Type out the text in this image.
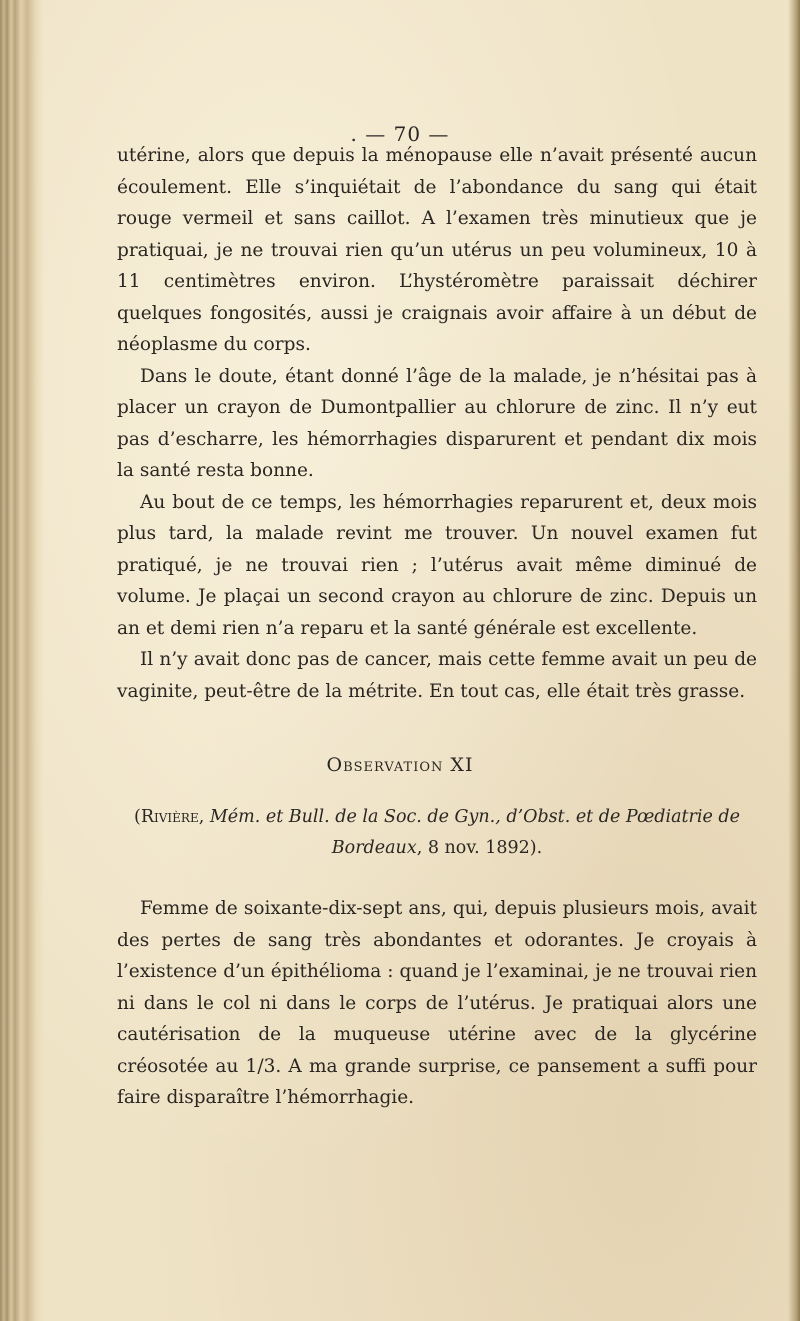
. — 70 —

utérine, alors que depuis la ménopause elle n’avait présenté aucun écoulement. Elle s’inquiétait de l’abondance du sang qui était rouge vermeil et sans caillot. A l’examen très minutieux que je pratiquai, je ne trouvai rien qu’un utérus un peu volumineux, 10 à 11 centimètres environ. L’hystéromètre paraissait déchirer quelques fongosités, aussi je craignais avoir affaire à un début de néoplasme du corps.

Dans le doute, étant donné l’âge de la malade, je n’hésitai pas à placer un crayon de Dumontpallier au chlorure de zinc. Il n’y eut pas d’escharre, les hémorrhagies disparurent et pendant dix mois la santé resta bonne.

Au bout de ce temps, les hémorrhagies reparurent et, deux mois plus tard, la malade revint me trouver. Un nouvel examen fut pratiqué, je ne trouvai rien ; l’utérus avait même diminué de volume. Je plaçai un second crayon au chlorure de zinc. Depuis un an et demi rien n’a reparu et la santé générale est excellente.

Il n’y avait donc pas de cancer, mais cette femme avait un peu de vaginite, peut-être de la métrite. En tout cas, elle était très grasse.

Observation XI
(Rivière, Mém. et Bull. de la Soc. de Gyn., d’Obst. et de Pœdiatrie de Bordeaux, 8 nov. 1892).

Femme de soixante-dix-sept ans, qui, depuis plusieurs mois, avait des pertes de sang très abondantes et odorantes. Je croyais à l’existence d’un épithélioma : quand je l’examinai, je ne trouvai rien ni dans le col ni dans le corps de l’utérus. Je pratiquai alors une cautérisation de la muqueuse utérine avec de la glycérine créosotée au 1/3. A ma grande surprise, ce pansement a suffi pour faire disparaître l’hémorrhagie.
